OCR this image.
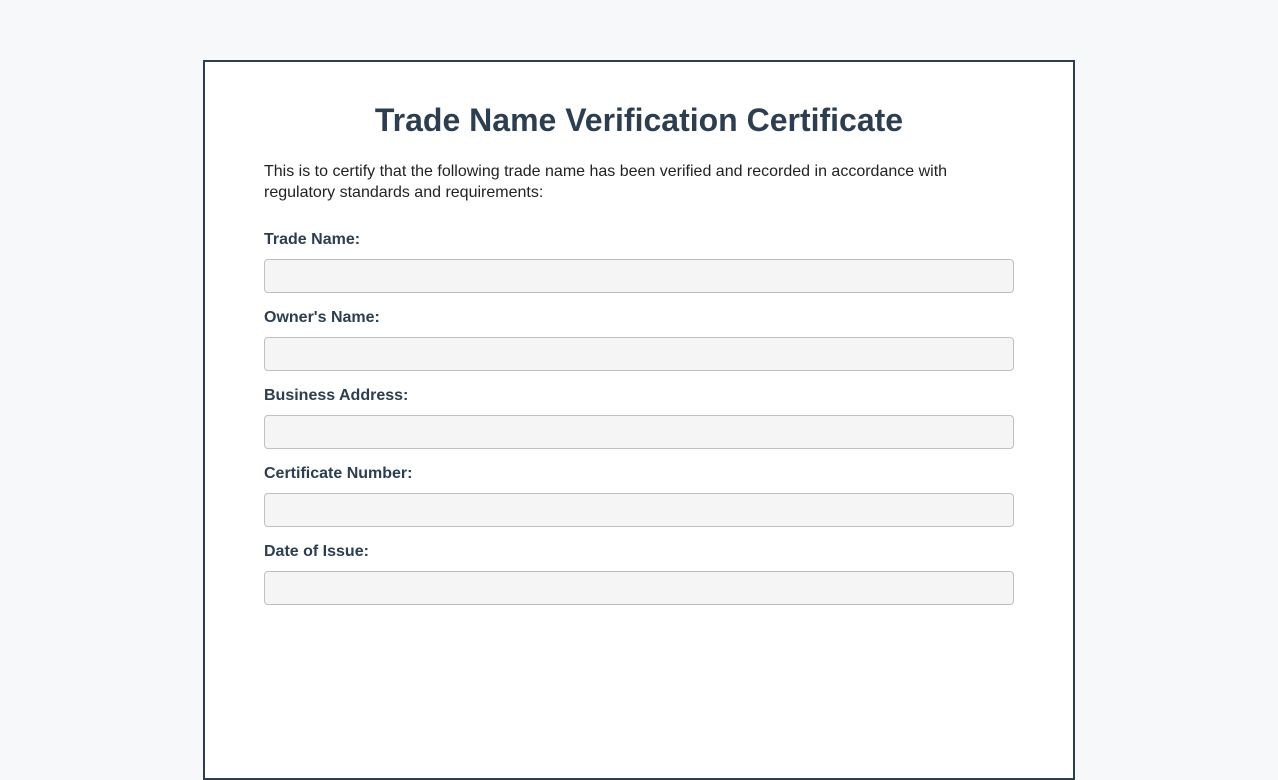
Trade Name Verification Certificate

This is to certify that the following trade name has been verified and recorded in accordance with regulatory standards and requirements:

Trade Name:
Owner's Name:
Business Address:
Certificate Number:
Date of Issue:
